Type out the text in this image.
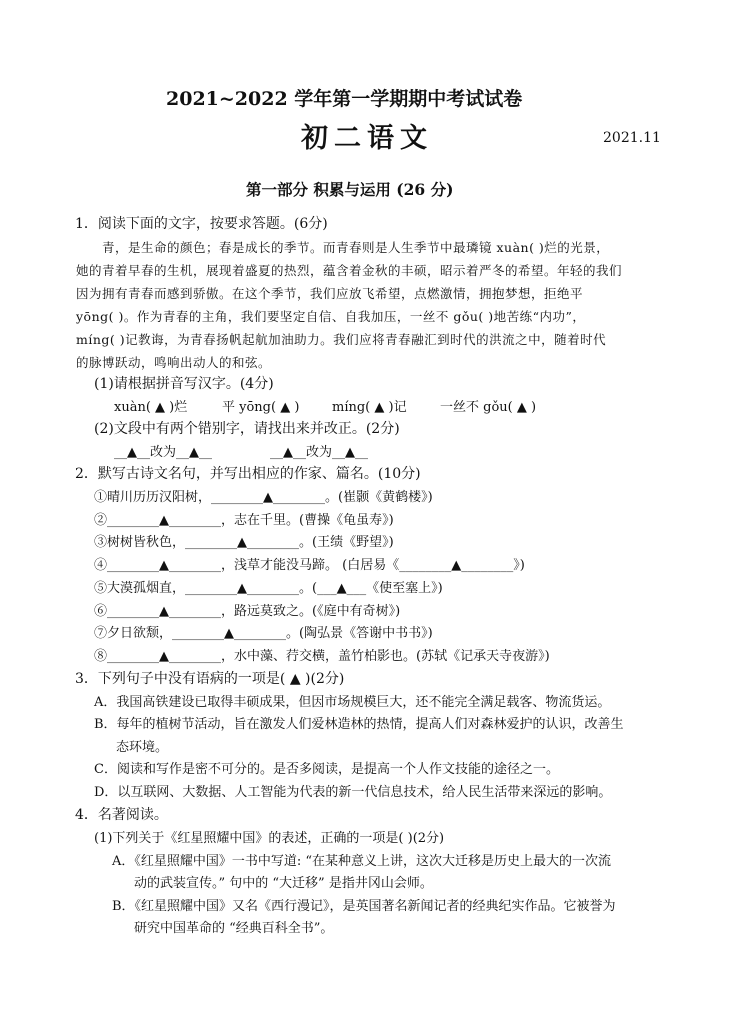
2021~2022 学年第一学期期中考试试卷
初二语文	2021.11
第一部分 积累与运用 (26 分)
1．阅读下面的文字，按要求答题。(6分)
青，是生命的颜色；春是成长的季节。而青春则是人生季节中最璘镜 xuàn( )烂的光景，
她的青着早春的生机，展现着盛夏的热烈，蕴含着金秋的丰硕，昭示着严冬的希望。年轻的我们
因为拥有青春而感到骄傲。在这个季节，我们应放飞希望，点燃激情，拥抱梦想，拒绝平
yōng( )。作为青春的主角，我们要坚定自信、自我加压，一丝不 gǒu( )地苦练“内功”，
míng( )记教诲，为青春扬帆起航加油助力。我们应将青春融汇到时代的洪流之中，随着时代
的脉博跃动，鸣响出动人的和弦。
(1)请根据拼音写汉字。(4分)
xuàn( ▲ )烂	平 yōng( ▲ )	míng( ▲ )记	一丝不 gǒu( ▲ )
(2)文段中有两个错别字，请找出来并改正。(2分)
__▲__改为__▲__	__▲__改为__▲__
2．默写古诗文名句，并写出相应的作家、篇名。(10分)
①晴川历历汉阳树，________▲________。(崔颢《黄鹤楼》)
②________▲________，志在千里。(曹操《龟虽寿》)
③树树皆秋色，________▲________。(王绩《野望》)
④________▲________，浅草才能没马蹄。 (白居易《________▲________》)
⑤大漠孤烟直，________▲________。(___▲___《使至塞上》)
⑥________▲________，路远莫致之。(《庭中有奇树》)
⑦夕日欲颓，________▲________。(陶弘景《答谢中书书》)
⑧________▲________，水中藻、荇交横，盖竹柏影也。(苏轼《记承天寺夜游》)
3．下列句子中没有语病的一项是( ▲ )(2分)
A．我国高铁建设已取得丰硕成果，但因市场规模巨大，还不能完全满足载客、物流货运。
B．每年的植树节活动，旨在激发人们爱林造林的热情，提高人们对森林爱护的认识，改善生
态环境。
C．阅读和写作是密不可分的。是否多阅读，是提高一个人作文技能的途径之一。
D．以互联网、大数据、人工智能为代表的新一代信息技术，给人民生活带来深远的影响。
4．名著阅读。
(1)下列关于《红星照耀中国》的表述，正确的一项是( )(2分)
A．《红星照耀中国》一书中写道: “在某种意义上讲，这次大迁移是历史上最大的一次流
动的武装宣传。” 句中的 “大迁移” 是指井冈山会师。
B．《红星照耀中国》又名《西行漫记》，是英国著名新闻记者的经典纪实作品。它被誉为
研究中国革命的 “经典百科全书”。
